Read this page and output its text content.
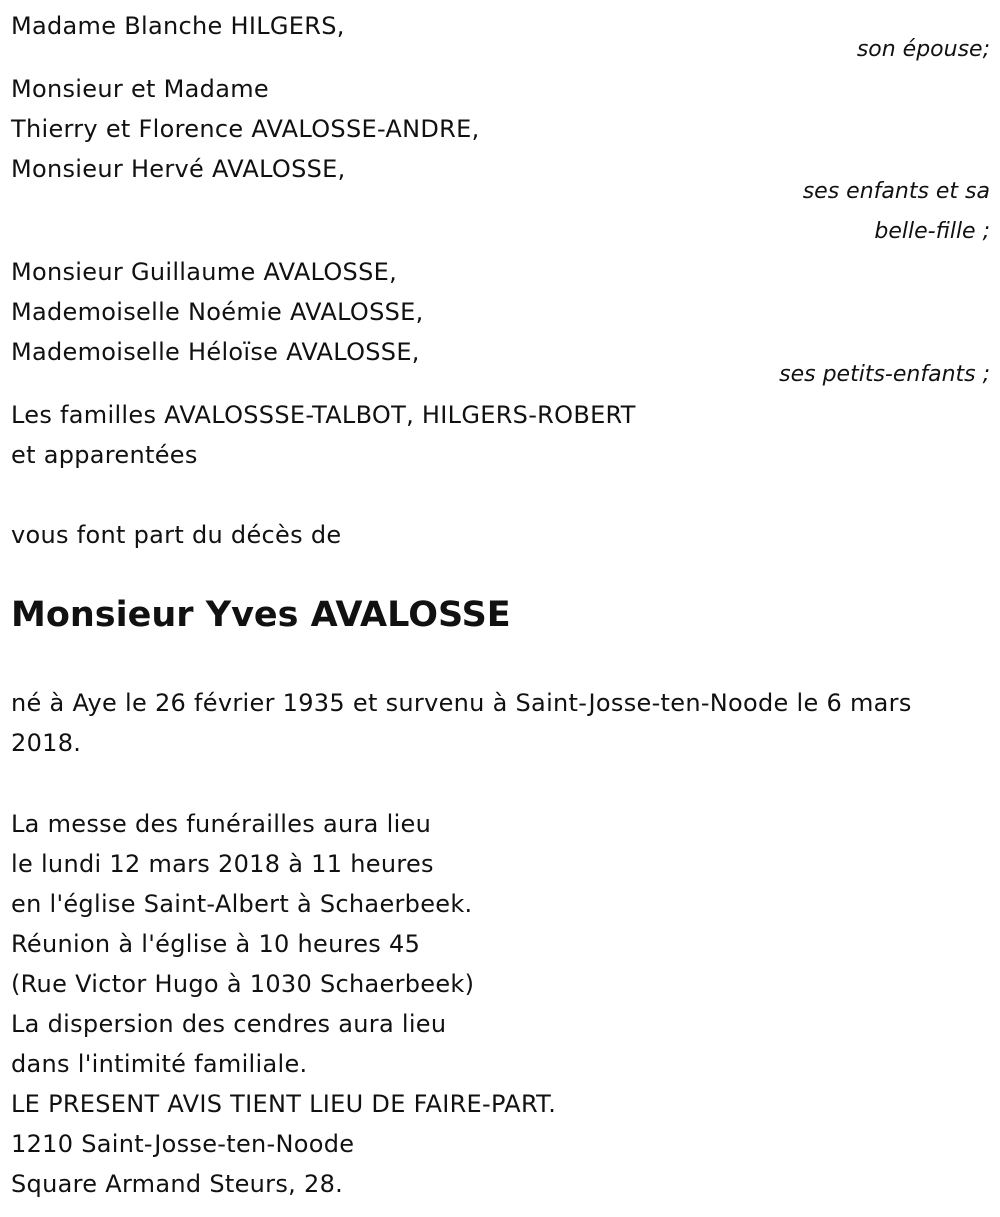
Madame Blanche HILGERS,
son épouse;
Monsieur et Madame
Thierry et Florence AVALOSSE-ANDRE,
Monsieur Hervé AVALOSSE,
ses enfants et sa
belle-fille ;
Monsieur Guillaume AVALOSSE,
Mademoiselle Noémie AVALOSSE,
Mademoiselle Héloïse AVALOSSE,
ses petits-enfants ;
Les familles AVALOSSSE-TALBOT, HILGERS-ROBERT
et apparentées
vous font part du décès de
Monsieur Yves AVALOSSE
né à Aye le 26 février 1935 et survenu à Saint-Josse-ten-Noode le 6 mars 2018.
La messe des funérailles aura lieu
le lundi 12 mars 2018 à 11 heures
en l'église Saint-Albert à Schaerbeek.
Réunion à l'église à 10 heures 45
(Rue Victor Hugo à 1030 Schaerbeek)
La dispersion des cendres aura lieu
dans l'intimité familiale.
LE PRESENT AVIS TIENT LIEU DE FAIRE-PART.
1210 Saint-Josse-ten-Noode
Square Armand Steurs, 28.
